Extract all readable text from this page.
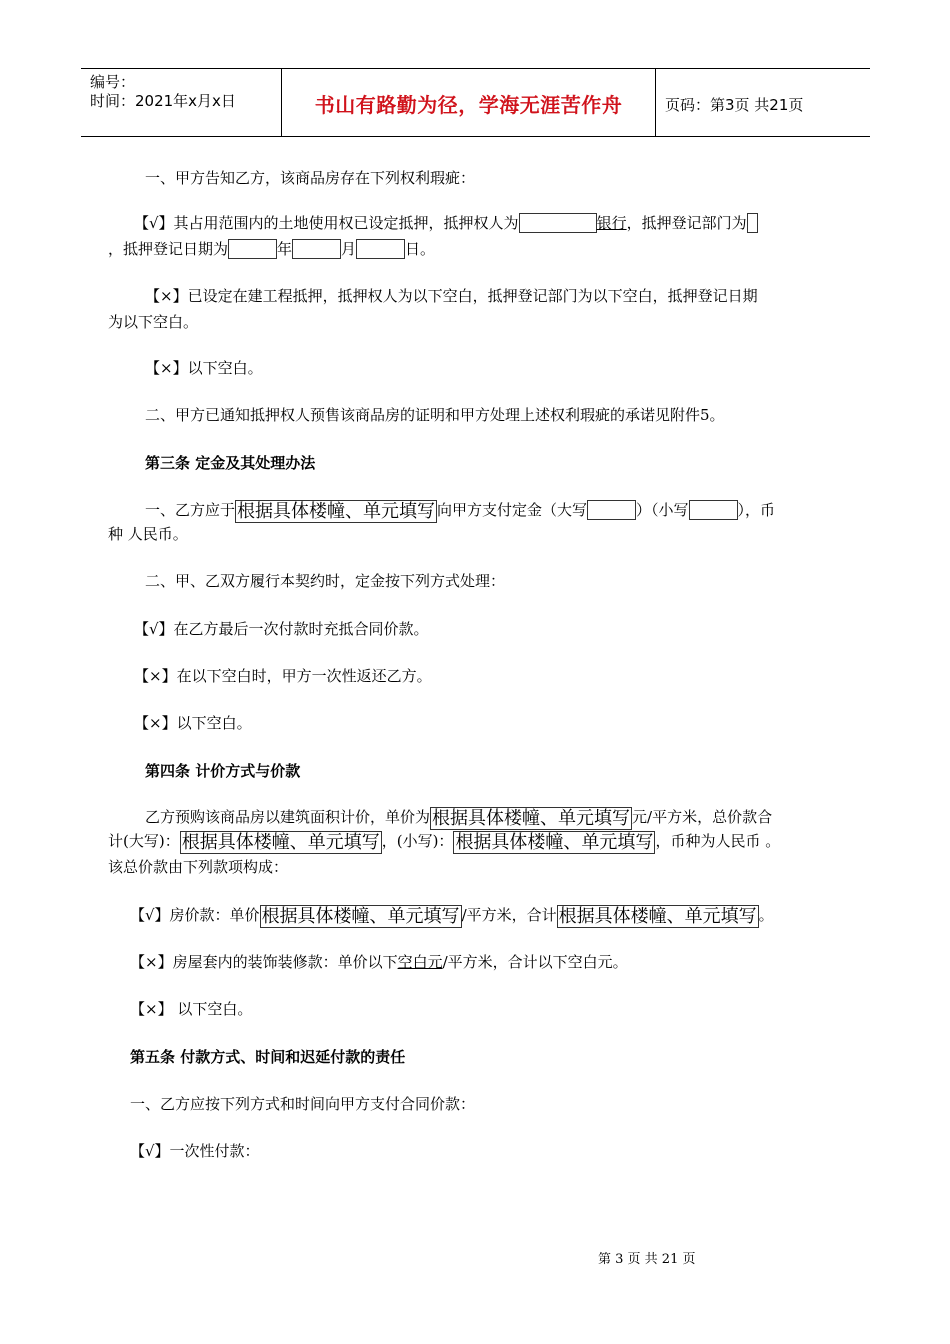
编号：
时间：2021年x月x日	书山有路勤为径，学海无涯苦作舟	页码：第3页 共21页
一、甲方告知乙方，该商品房存在下列权利瑕疵：
【√】其占用范围内的土地使用权已设定抵押，抵押权人为	银行，抵押登记部门为
，抵押登记日期为	年	月	日。
【×】已设定在建工程抵押，抵押权人为以下空白，抵押登记部门为以下空白，抵押登记日期
为以下空白。
【×】以下空白。
二、甲方已通知抵押权人预售该商品房的证明和甲方处理上述权利瑕疵的承诺见附件5。
第三条 定金及其处理办法
一、乙方应于 根据具体楼幢、单元填写 向甲方支付定金（大写	）（小写	），币
种 人民币。
二、甲、乙双方履行本契约时，定金按下列方式处理：
【√】在乙方最后一次付款时充抵合同价款。
【×】在以下空白时，甲方一次性返还乙方。
【×】以下空白。
第四条 计价方式与价款
乙方预购该商品房以建筑面积计价，单价为 根据具体楼幢、单元填写 元/平方米，总价款合
计(大写)： 根据具体楼幢、单元填写 ，(小写)： 根据具体楼幢、单元填写 ，币种为人民币 。
该总价款由下列款项构成：
【√】房价款：单价 根据具体楼幢、单元填写 /平方米，合计 根据具体楼幢、单元填写 。
【×】房屋套内的装饰装修款：单价以下空白元/平方米，合计以下空白元。
【×】 以下空白。
第五条 付款方式、时间和迟延付款的责任
一、乙方应按下列方式和时间向甲方支付合同价款：
【√】一次性付款：
第 3 页 共 21 页
